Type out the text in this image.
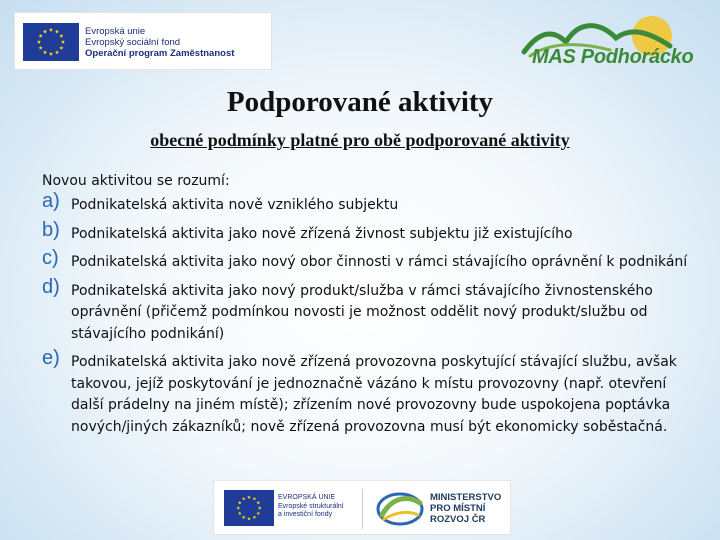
Evropská unie
Evropský sociální fond
Operační program Zaměstnanost	MAS Podhorácko
Podporované aktivity
obecné podmínky platné pro obě podporované aktivity

Novou aktivitou se rozumí:

a) Podnikatelská aktivita nově vzniklého subjektu
b) Podnikatelská aktivita jako nově zřízená živnost subjektu již existujícího
c) Podnikatelská aktivita jako nový obor činnosti v rámci stávajícího oprávnění k podnikání
d) Podnikatelská aktivita jako nový produkt/služba v rámci stávajícího živnostenského oprávnění (přičemž podmínkou novosti je možnost oddělit nový produkt/službu od stávajícího podnikání)
e) Podnikatelská aktivita jako nově zřízená provozovna poskytující stávající službu, avšak takovou, jejíž poskytování je jednoznačně vázáno k místu provozovny (např. otevření další prádelny na jiném místě); zřízením nové provozovny bude uspokojena poptávka nových/jiných zákazníků; nově zřízená provozovna musí být ekonomicky soběstačná.
EVROPSKÁ UNIE
Evropské strukturální
a investiční fondy
MINISTERSTVO
PRO MÍSTNÍ
ROZVOJ ČR
